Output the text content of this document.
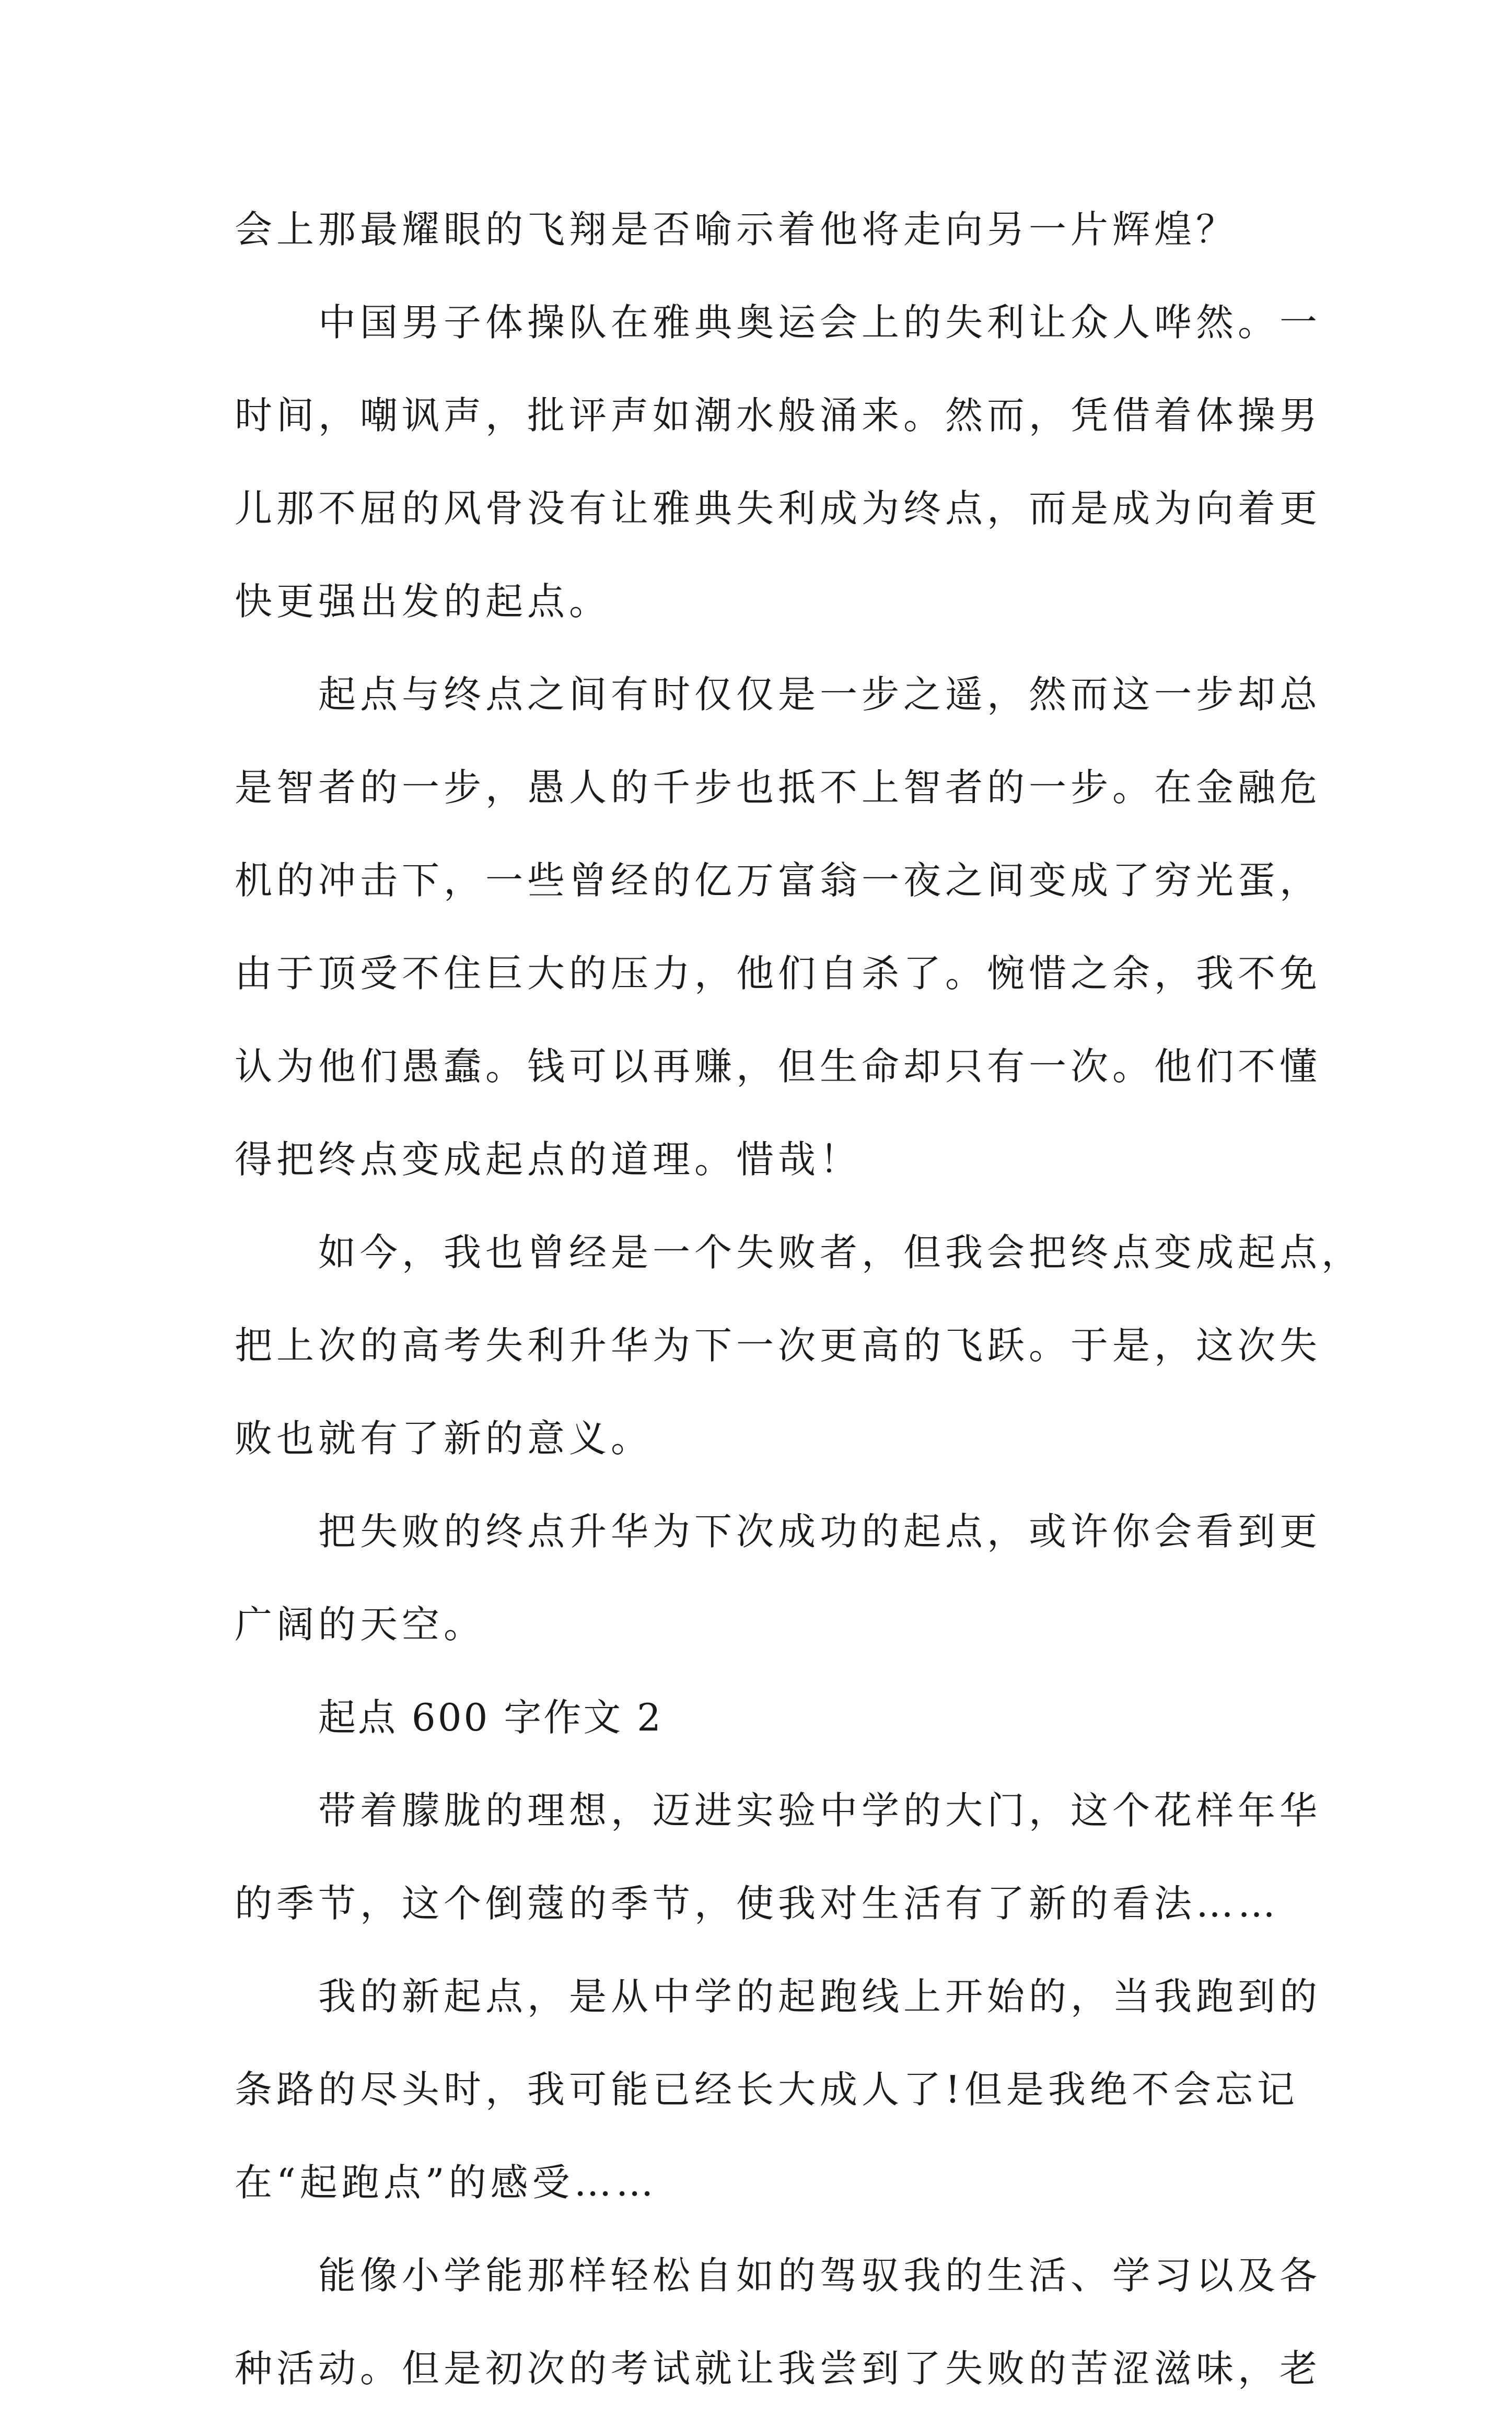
会上那最耀眼的飞翔是否喻示着他将走向另一片辉煌？
中国男子体操队在雅典奥运会上的失利让众人哗然。一
时间，嘲讽声，批评声如潮水般涌来。然而，凭借着体操男
儿那不屈的风骨没有让雅典失利成为终点，而是成为向着更
快更强出发的起点。
起点与终点之间有时仅仅是一步之遥，然而这一步却总
是智者的一步，愚人的千步也抵不上智者的一步。在金融危
机的冲击下，一些曾经的亿万富翁一夜之间变成了穷光蛋，
由于顶受不住巨大的压力，他们自杀了。惋惜之余，我不免
认为他们愚蠢。钱可以再赚，但生命却只有一次。他们不懂
得把终点变成起点的道理。惜哉！
如今，我也曾经是一个失败者，但我会把终点变成起点，
把上次的高考失利升华为下一次更高的飞跃。于是，这次失
败也就有了新的意义。
把失败的终点升华为下次成功的起点，或许你会看到更
广阔的天空。
起点 600 字作文 2
带着朦胧的理想，迈进实验中学的大门，这个花样年华
的季节，这个倒蔻的季节，使我对生活有了新的看法……
我的新起点，是从中学的起跑线上开始的，当我跑到的
条路的尽头时，我可能已经长大成人了!但是我绝不会忘记
在“起跑点”的感受……
能像小学能那样轻松自如的驾驭我的生活、学习以及各
种活动。但是初次的考试就让我尝到了失败的苦涩滋味，老
